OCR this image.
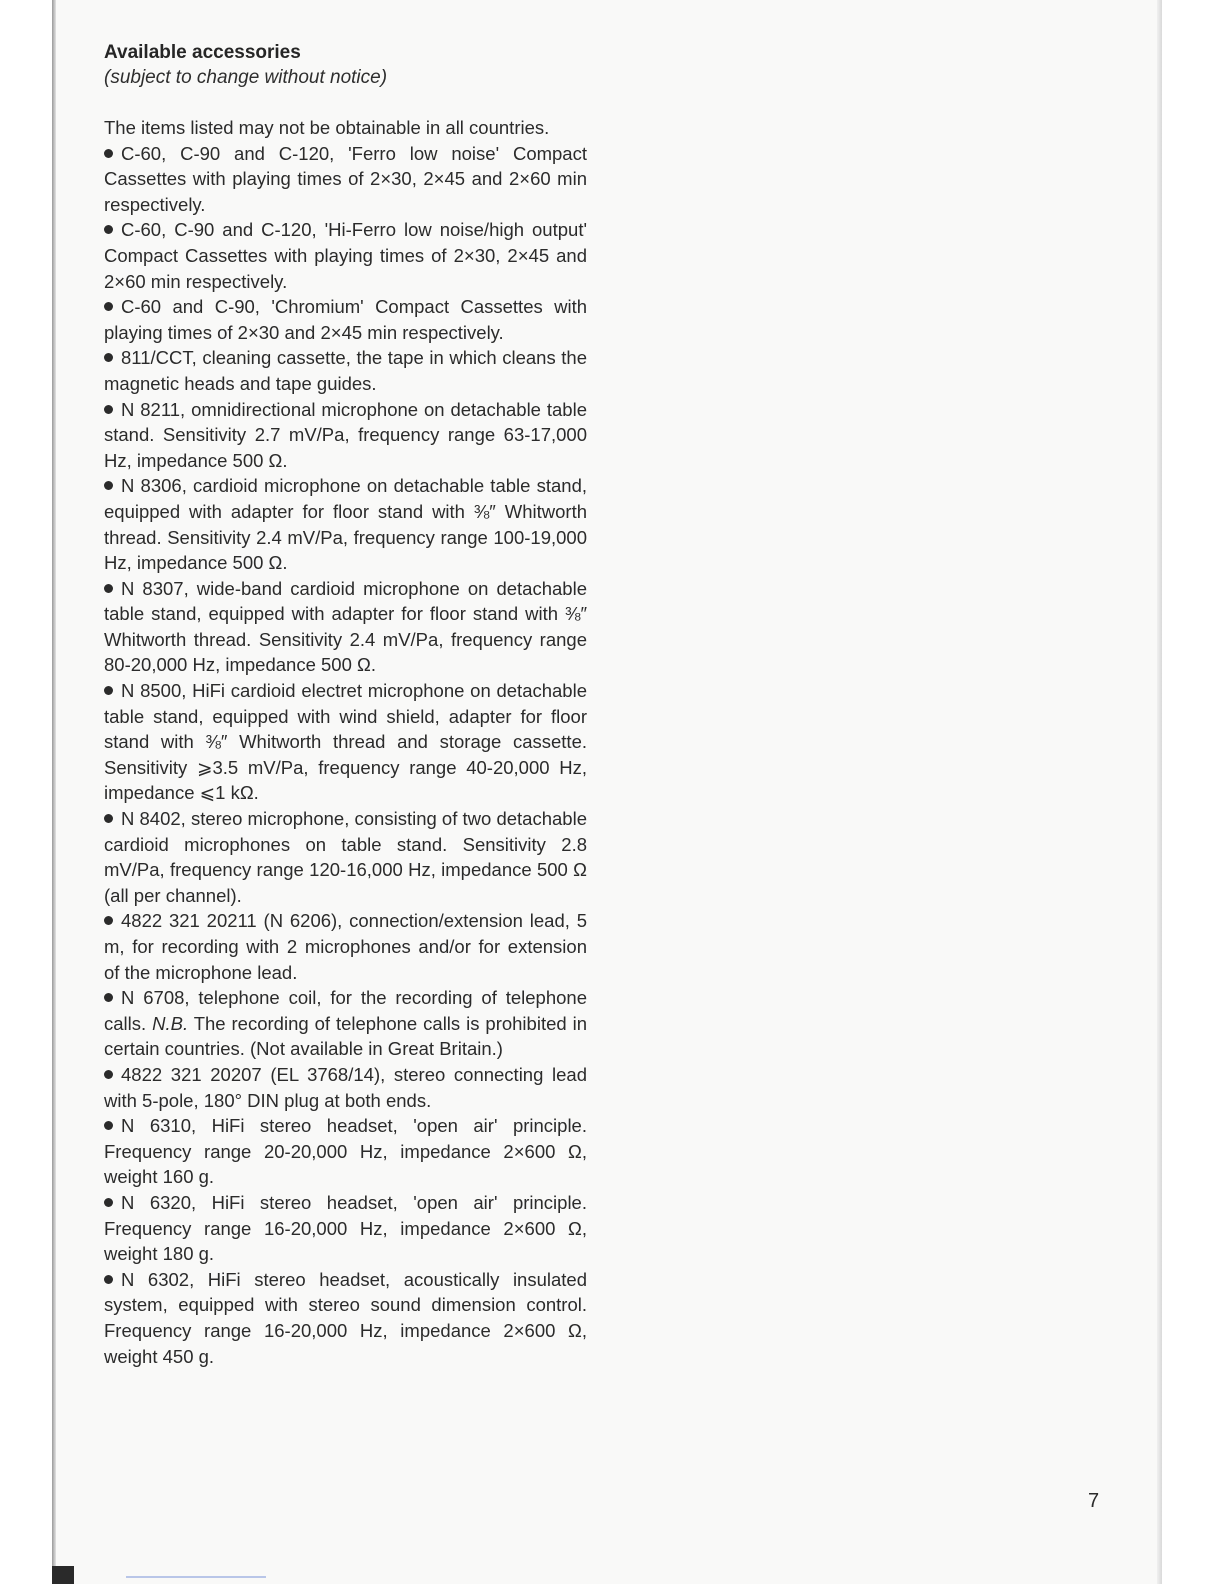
Available accessories

(subject to change without notice)

The items listed may not be obtainable in all countries.

C-60, C-90 and C-120, 'Ferro low noise' Compact Cassettes with playing times of 2×30, 2×45 and 2×60 min respectively.

C-60, C-90 and C-120, 'Hi-Ferro low noise/high output' Compact Cassettes with playing times of 2×30, 2×45 and 2×60 min respectively.

C-60 and C-90, 'Chromium' Compact Cassettes with playing times of 2×30 and 2×45 min respectively.

811/CCT, cleaning cassette, the tape in which cleans the magnetic heads and tape guides.

N 8211, omnidirectional microphone on detachable table stand. Sensitivity 2.7 mV/Pa, frequency range 63-17,000 Hz, impedance 500 Ω.

N 8306, cardioid microphone on detachable table stand, equipped with adapter for floor stand with ⅜″ Whitworth thread. Sensitivity 2.4 mV/Pa, frequency range 100-19,000 Hz, impedance 500 Ω.

N 8307, wide-band cardioid microphone on detachable table stand, equipped with adapter for floor stand with ⅜″ Whitworth thread. Sensitivity 2.4 mV/Pa, frequency range 80-20,000 Hz, impedance 500 Ω.

N 8500, HiFi cardioid electret microphone on detachable table stand, equipped with wind shield, adapter for floor stand with ⅜″ Whitworth thread and storage cassette. Sensitivity ⩾3.5 mV/Pa, frequency range 40-20,000 Hz, impedance ⩽1 kΩ.

N 8402, stereo microphone, consisting of two detachable cardioid microphones on table stand. Sensitivity 2.8 mV/Pa, frequency range 120-16,000 Hz, impedance 500 Ω (all per channel).

4822 321 20211 (N 6206), connection/extension lead, 5 m, for recording with 2 microphones and/or for extension of the microphone lead.

N 6708, telephone coil, for the recording of telephone calls. N.B. The recording of telephone calls is prohibited in certain countries. (Not available in Great Britain.)

4822 321 20207 (EL 3768/14), stereo connecting lead with 5-pole, 180° DIN plug at both ends.

N 6310, HiFi stereo headset, 'open air' principle. Frequency range 20-20,000 Hz, impedance 2×600 Ω, weight 160 g.

N 6320, HiFi stereo headset, 'open air' principle. Frequency range 16-20,000 Hz, impedance 2×600 Ω, weight 180 g.

N 6302, HiFi stereo headset, acoustically insulated system, equipped with stereo sound dimension control. Frequency range 16-20,000 Hz, impedance 2×600 Ω, weight 450 g.

7
